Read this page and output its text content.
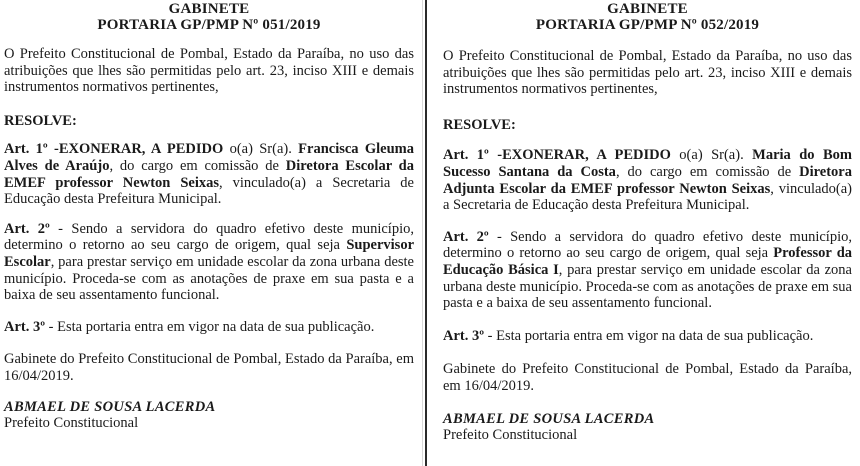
GABINETE
PORTARIA GP/PMP Nº 051/2019

O Prefeito Constitucional de Pombal, Estado da Paraíba, no uso das atribuições que lhes são permitidas pelo art. 23, inciso XIII e demais instrumentos normativos pertinentes,

RESOLVE:

Art. 1º -EXONERAR, A PEDIDO o(a) Sr(a). Francisca Gleuma Alves de Araújo, do cargo em comissão de Diretora Escolar da EMEF professor Newton Seixas, vinculado(a) a Secretaria de Educação desta Prefeitura Municipal.

Art. 2º - Sendo a servidora do quadro efetivo deste município, determino o retorno ao seu cargo de origem, qual seja Supervisor Escolar, para prestar serviço em unidade escolar da zona urbana deste município. Proceda-se com as anotações de praxe em sua pasta e a baixa de seu assentamento funcional.

Art. 3º - Esta portaria entra em vigor na data de sua publicação.

Gabinete do Prefeito Constitucional de Pombal, Estado da Paraíba, em 16/04/2019.

ABMAEL DE SOUSA LACERDA

Prefeito Constitucional

GABINETE
PORTARIA GP/PMP Nº 052/2019

O Prefeito Constitucional de Pombal, Estado da Paraíba, no uso das atribuições que lhes são permitidas pelo art. 23, inciso XIII e demais instrumentos normativos pertinentes,

RESOLVE:

Art. 1º -EXONERAR, A PEDIDO o(a) Sr(a). Maria do Bom Sucesso Santana da Costa, do cargo em comissão de Diretora Adjunta Escolar da EMEF professor Newton Seixas, vinculado(a) a Secretaria de Educação desta Prefeitura Municipal.

Art. 2º - Sendo a servidora do quadro efetivo deste município, determino o retorno ao seu cargo de origem, qual seja Professor da Educação Básica I, para prestar serviço em unidade escolar da zona urbana deste município. Proceda-se com as anotações de praxe em sua pasta e a baixa de seu assentamento funcional.

Art. 3º - Esta portaria entra em vigor na data de sua publicação.

Gabinete do Prefeito Constitucional de Pombal, Estado da Paraíba, em 16/04/2019.

ABMAEL DE SOUSA LACERDA

Prefeito Constitucional
